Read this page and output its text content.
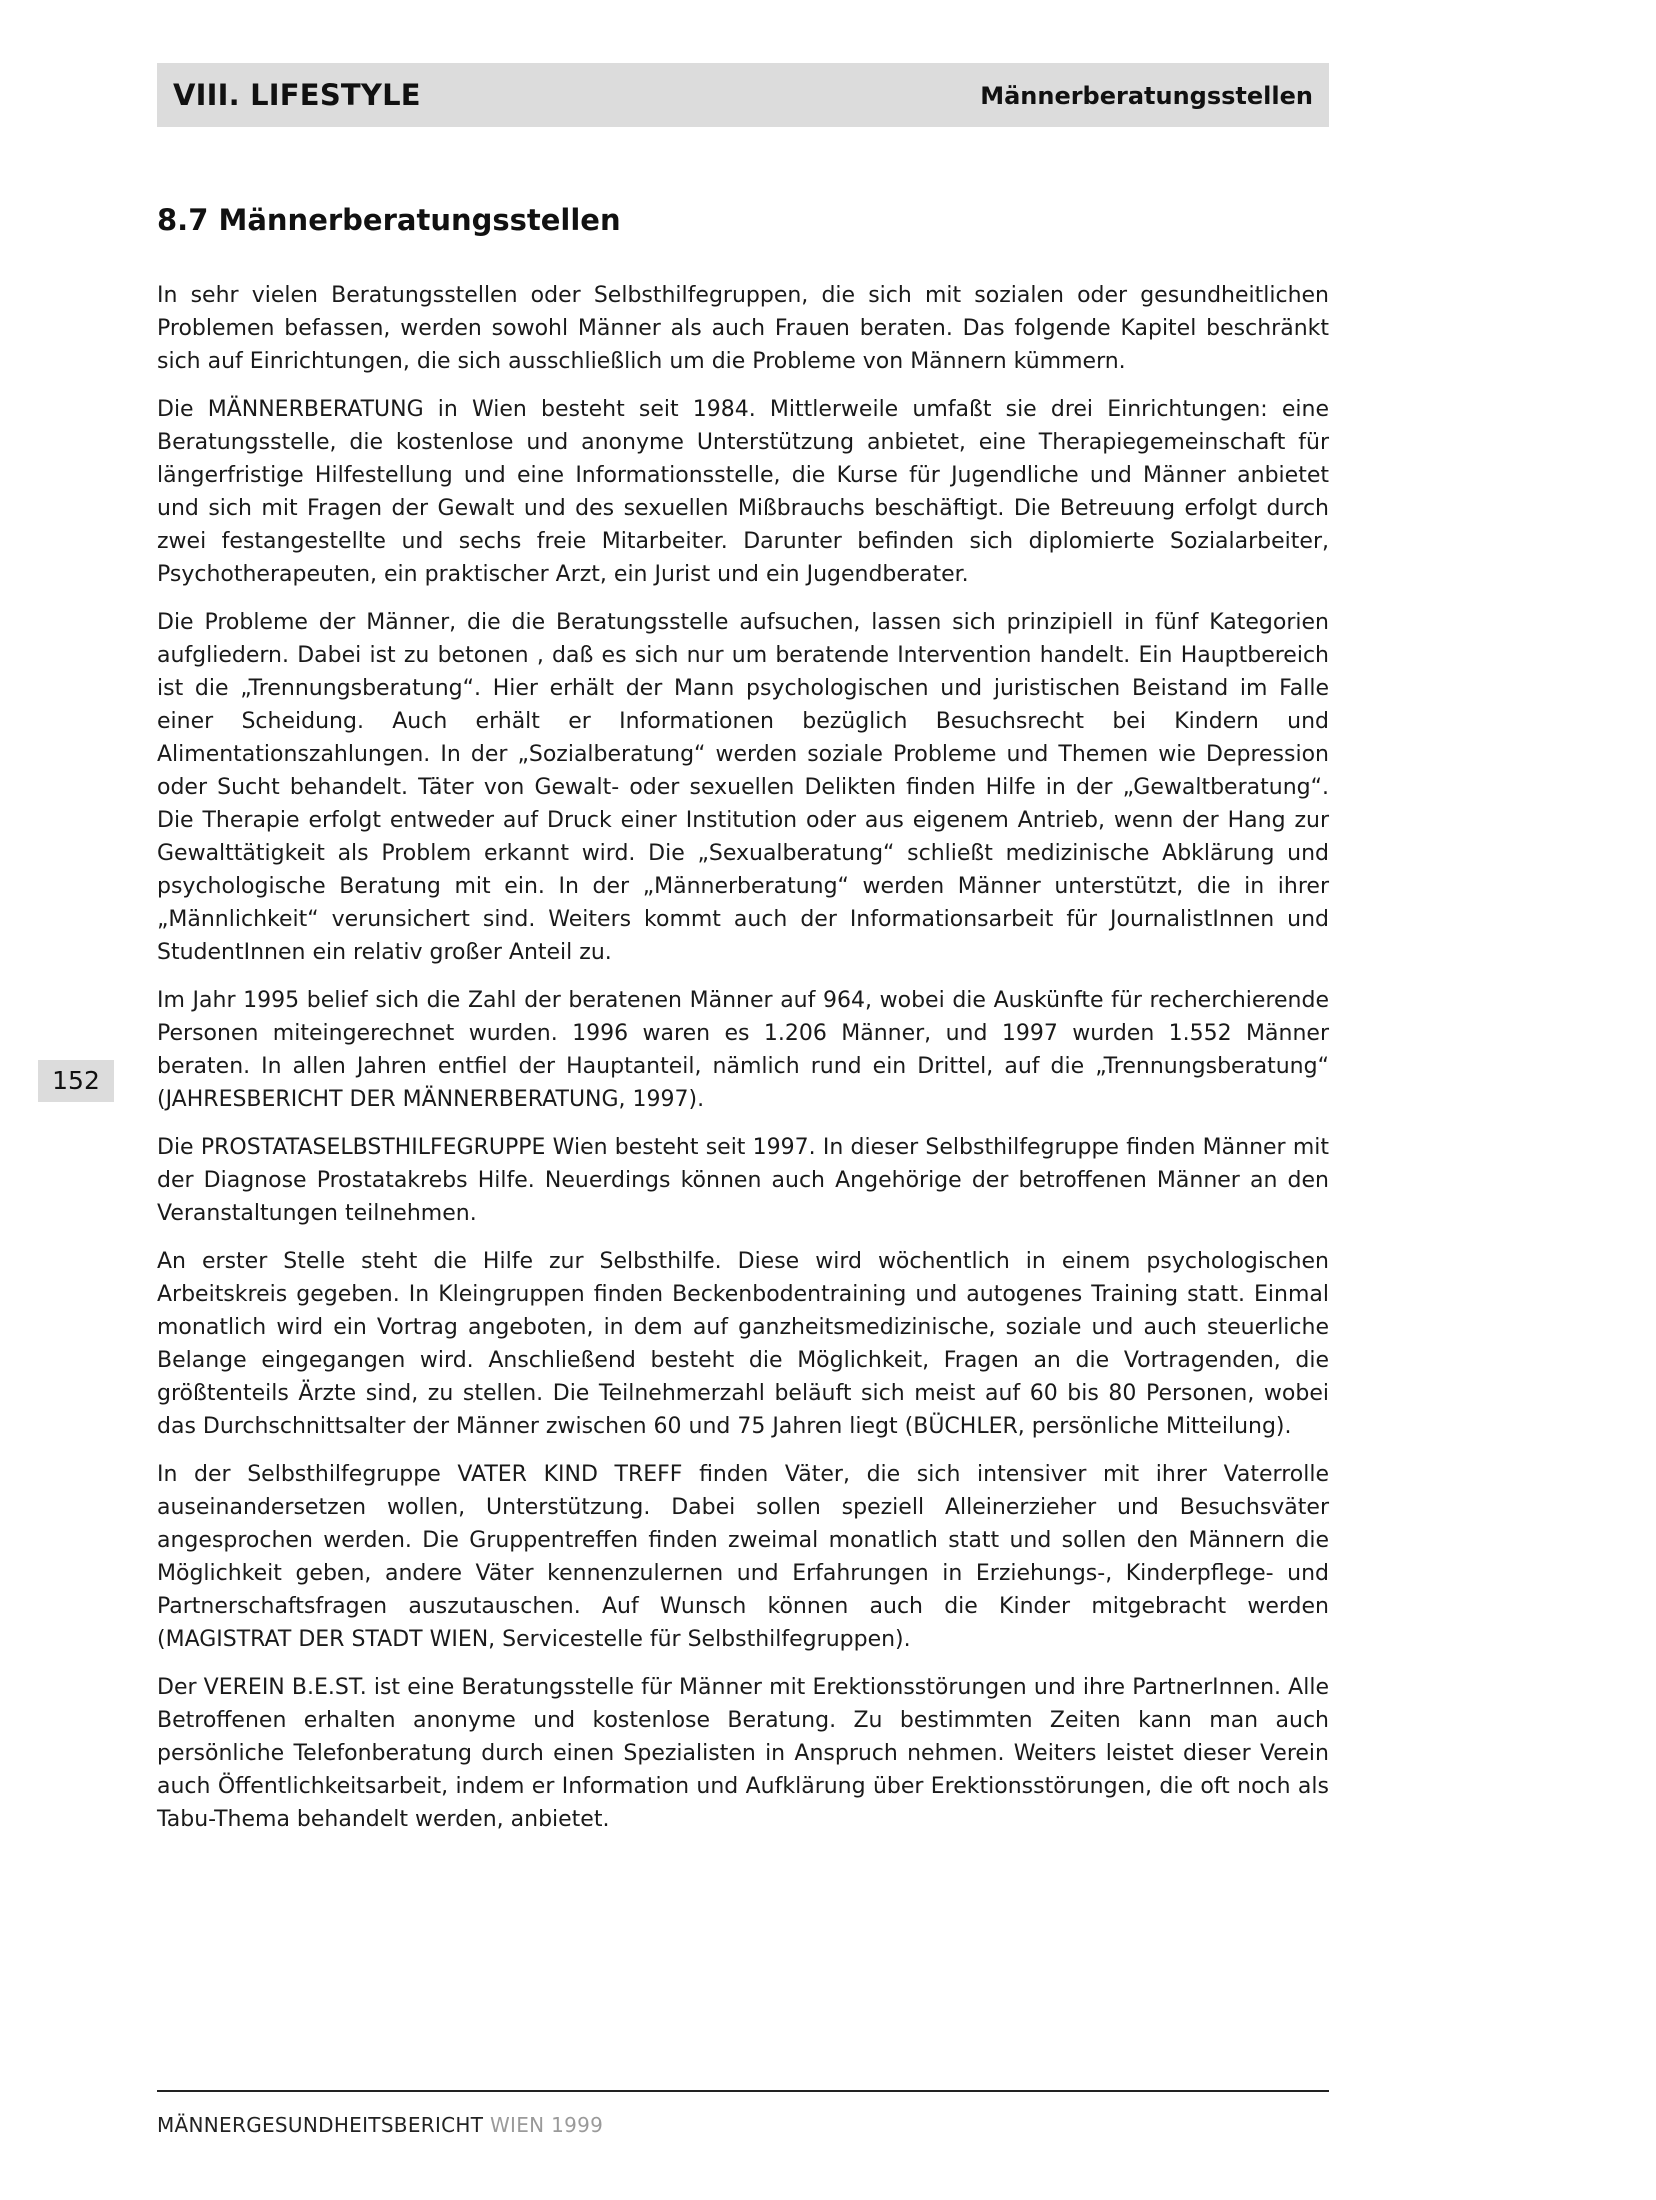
VIII. LIFESTYLE	Männerberatungsstellen
8.7 Männerberatungsstellen

In sehr vielen Beratungsstellen oder Selbsthilfegruppen, die sich mit sozialen oder gesundheitlichen Problemen befassen, werden sowohl Männer als auch Frauen beraten. Das folgende Kapitel beschränkt sich auf Einrichtungen, die sich ausschließlich um die Probleme von Männern kümmern.

Die MÄNNERBERATUNG in Wien besteht seit 1984. Mittlerweile umfaßt sie drei Einrichtungen: eine Beratungsstelle, die kostenlose und anonyme Unterstützung anbietet, eine Therapiegemeinschaft für längerfristige Hilfestellung und eine Informationsstelle, die Kurse für Jugendliche und Männer anbietet und sich mit Fragen der Gewalt und des sexuellen Mißbrauchs beschäftigt. Die Betreuung erfolgt durch zwei festangestellte und sechs freie Mitarbeiter. Darunter befinden sich diplomierte Sozialarbeiter, Psychotherapeuten, ein praktischer Arzt, ein Jurist und ein Jugendberater.

Die Probleme der Männer, die die Beratungsstelle aufsuchen, lassen sich prinzipiell in fünf Kategorien aufgliedern. Dabei ist zu betonen , daß es sich nur um beratende Intervention handelt. Ein Hauptbereich ist die „Trennungsberatung“. Hier erhält der Mann psychologischen und juristischen Beistand im Falle einer Scheidung. Auch erhält er Informationen bezüglich Besuchsrecht bei Kindern und Alimentationszahlungen. In der „Sozialberatung“ werden soziale Probleme und Themen wie Depression oder Sucht behandelt. Täter von Gewalt- oder sexuellen Delikten finden Hilfe in der „Gewaltberatung“. Die Therapie erfolgt entweder auf Druck einer Institution oder aus eigenem Antrieb, wenn der Hang zur Gewalttätigkeit als Problem erkannt wird. Die „Sexualberatung“ schließt medizinische Abklärung und psychologische Beratung mit ein. In der „Männerberatung“ werden Männer unterstützt, die in ihrer „Männlichkeit“ verunsichert sind. Weiters kommt auch der Informationsarbeit für JournalistInnen und StudentInnen ein relativ großer Anteil zu.

Im Jahr 1995 belief sich die Zahl der beratenen Männer auf 964, wobei die Auskünfte für recherchierende Personen miteingerechnet wurden. 1996 waren es 1.206 Männer, und 1997 wurden 1.552 Männer beraten. In allen Jahren entfiel der Hauptanteil, nämlich rund ein Drittel, auf die „Trennungsberatung“ (JAHRESBERICHT DER MÄNNERBERATUNG, 1997).

Die PROSTATASELBSTHILFEGRUPPE Wien besteht seit 1997. In dieser Selbsthilfegruppe finden Männer mit der Diagnose Prostatakrebs Hilfe. Neuerdings können auch Angehörige der betroffenen Männer an den Veranstaltungen teilnehmen.

An erster Stelle steht die Hilfe zur Selbsthilfe. Diese wird wöchentlich in einem psychologischen Arbeitskreis gegeben. In Kleingruppen finden Beckenbodentraining und autogenes Training statt. Einmal monatlich wird ein Vortrag angeboten, in dem auf ganzheitsmedizinische, soziale und auch steuerliche Belange eingegangen wird. Anschließend besteht die Möglichkeit, Fragen an die Vortragenden, die größtenteils Ärzte sind, zu stellen. Die Teilnehmerzahl beläuft sich meist auf 60 bis 80 Personen, wobei das Durchschnittsalter der Männer zwischen 60 und 75 Jahren liegt (BÜCHLER, persönliche Mitteilung).

In der Selbsthilfegruppe VATER KIND TREFF finden Väter, die sich intensiver mit ihrer Vaterrolle auseinandersetzen wollen, Unterstützung. Dabei sollen speziell Alleinerzieher und Besuchsväter angesprochen werden. Die Gruppentreffen finden zweimal monatlich statt und sollen den Männern die Möglichkeit geben, andere Väter kennenzulernen und Erfahrungen in Erziehungs-, Kinderpflege- und Partnerschaftsfragen auszutauschen. Auf Wunsch können auch die Kinder mitgebracht werden (MAGISTRAT DER STADT WIEN, Servicestelle für Selbsthilfegruppen).

Der VEREIN B.E.ST. ist eine Beratungsstelle für Männer mit Erektionsstörungen und ihre PartnerInnen. Alle Betroffenen erhalten anonyme und kostenlose Beratung. Zu bestimmten Zeiten kann man auch persönliche Telefonberatung durch einen Spezialisten in Anspruch nehmen. Weiters leistet dieser Verein auch Öffentlichkeitsarbeit, indem er Information und Aufklärung über Erektionsstörungen, die oft noch als Tabu-Thema behandelt werden, anbietet.

152
MÄNNERGESUNDHEITSBERICHT WIEN 1999
